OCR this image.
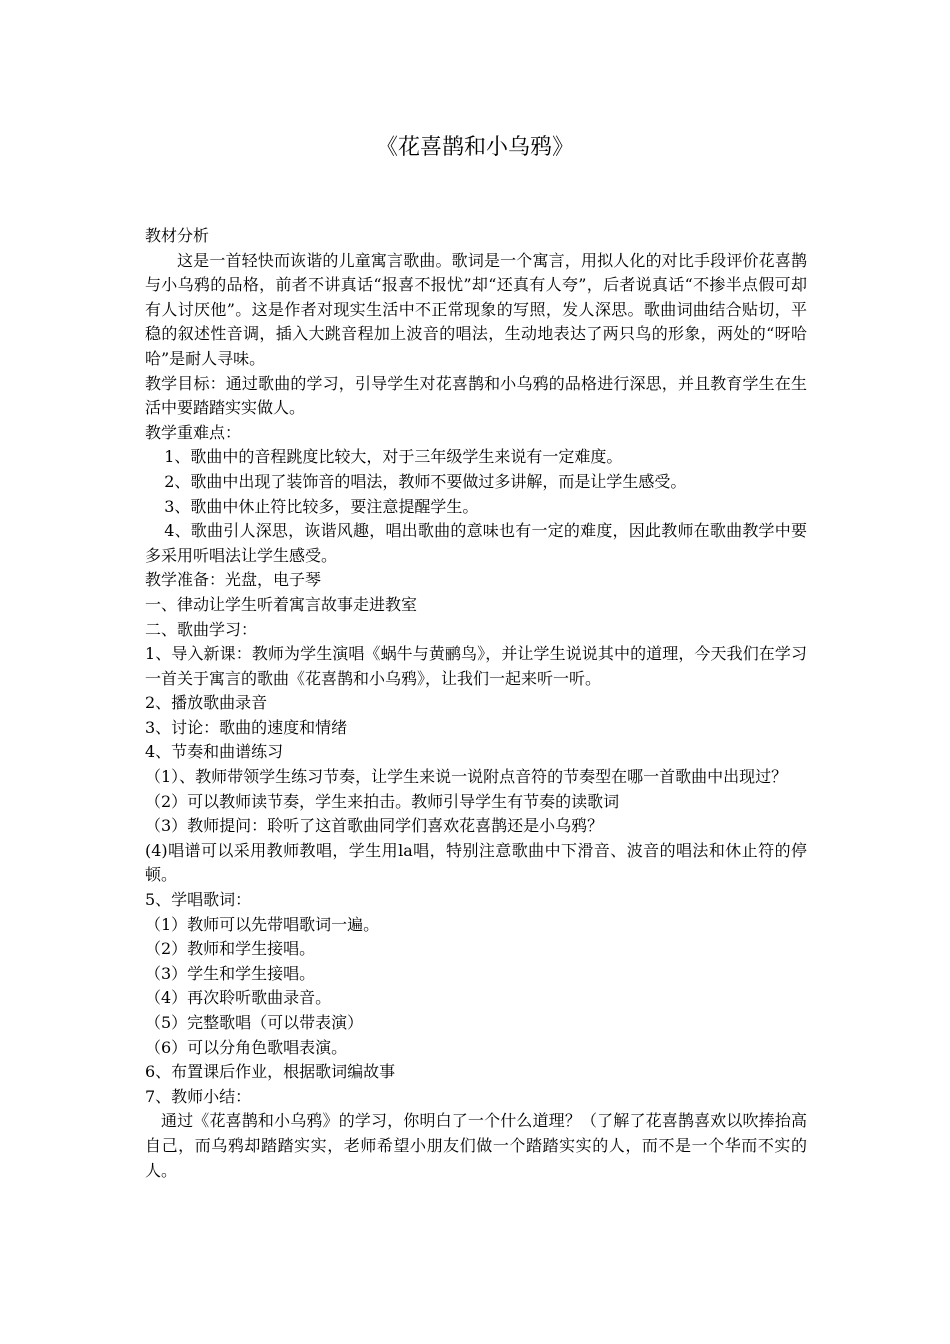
《花喜鹊和小乌鸦》

教材分析

这是一首轻快而诙谐的儿童寓言歌曲。歌词是一个寓言，用拟人化的对比手段评价花喜鹊与小乌鸦的品格，前者不讲真话“报喜不报忧”却“还真有人夸”，后者说真话“不掺半点假可却有人讨厌他”。这是作者对现实生活中不正常现象的写照，发人深思。歌曲词曲结合贴切，平稳的叙述性音调，插入大跳音程加上波音的唱法，生动地表达了两只鸟的形象，两处的“呀哈哈”是耐人寻味。

教学目标：通过歌曲的学习，引导学生对花喜鹊和小乌鸦的品格进行深思，并且教育学生在生活中要踏踏实实做人。

教学重难点：

1、歌曲中的音程跳度比较大，对于三年级学生来说有一定难度。

2、歌曲中出现了装饰音的唱法，教师不要做过多讲解，而是让学生感受。

3、歌曲中休止符比较多，要注意提醒学生。

4、歌曲引人深思，诙谐风趣，唱出歌曲的意味也有一定的难度，因此教师在歌曲教学中要多采用听唱法让学生感受。

教学准备：光盘，电子琴

一、律动让学生听着寓言故事走进教室

二、歌曲学习：

1、导入新课：教师为学生演唱《蜗牛与黄鹂鸟》，并让学生说说其中的道理，今天我们在学习一首关于寓言的歌曲《花喜鹊和小乌鸦》，让我们一起来听一听。

2、播放歌曲录音

3、讨论：歌曲的速度和情绪

4、节奏和曲谱练习

（1）、教师带领学生练习节奏，让学生来说一说附点音符的节奏型在哪一首歌曲中出现过？

（2）可以教师读节奏，学生来拍击。教师引导学生有节奏的读歌词

（3）教师提问：聆听了这首歌曲同学们喜欢花喜鹊还是小乌鸦？

(4)唱谱可以采用教师教唱，学生用la唱，特别注意歌曲中下滑音、波音的唱法和休止符的停顿。

5、学唱歌词：

（1）教师可以先带唱歌词一遍。

（2）教师和学生接唱。

（3）学生和学生接唱。

（4）再次聆听歌曲录音。

（5）完整歌唱（可以带表演）

（6）可以分角色歌唱表演。

6、布置课后作业，根据歌词编故事

7、教师小结：

通过《花喜鹊和小乌鸦》的学习，你明白了一个什么道理？（了解了花喜鹊喜欢以吹捧抬高自己，而乌鸦却踏踏实实，老师希望小朋友们做一个踏踏实实的人，而不是一个华而不实的人。
